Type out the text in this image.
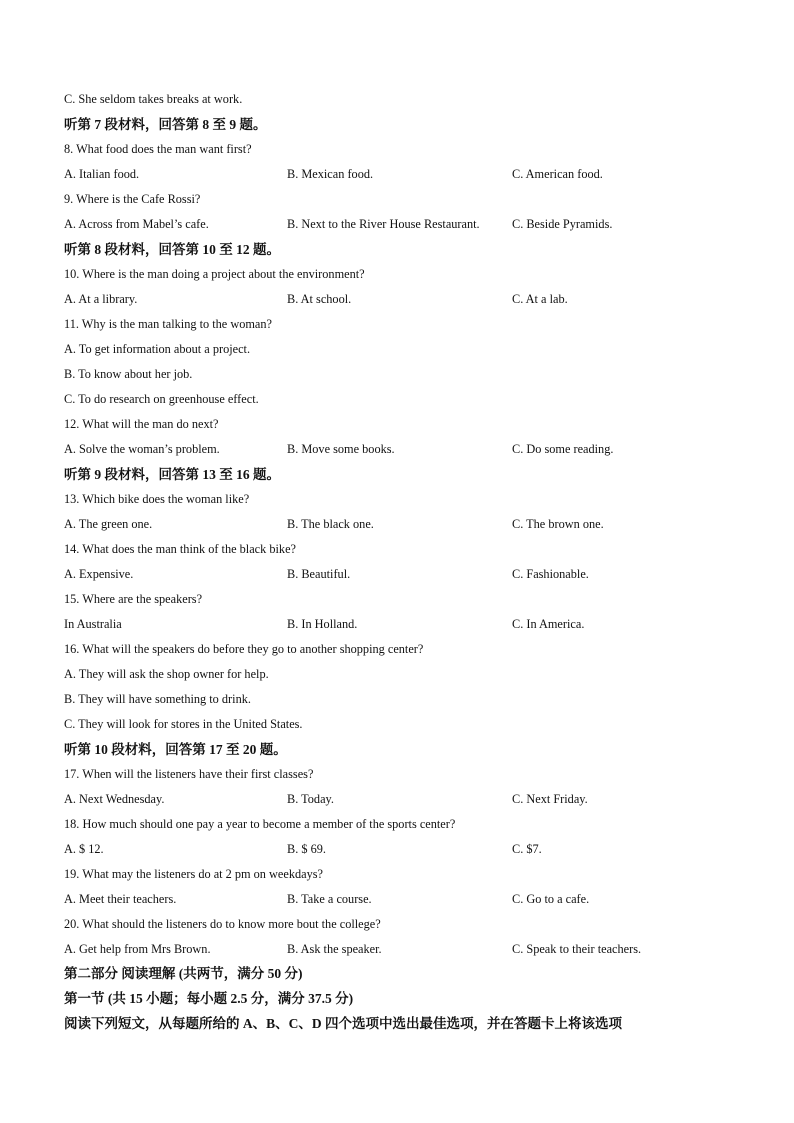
C. She seldom takes breaks at work.
听第 7 段材料，回答第 8 至 9 题。
8. What food does the man want first?
A. Italian food.	B. Mexican food.	C. American food.
9. Where is the Cafe Rossi?
A. Across from Mabel’s cafe.	B. Next to the River House Restaurant.	C. Beside Pyramids.
听第 8 段材料，回答第 10 至 12 题。
10. Where is the man doing a project about the environment?
A. At a library.	B. At school.	C. At a lab.
11. Why is the man talking to the woman?
A. To get information about a project.
B. To know about her job.
C. To do research on greenhouse effect.
12. What will the man do next?
A. Solve the woman’s problem.	B. Move some books.	C. Do some reading.
听第 9 段材料，回答第 13 至 16 题。
13. Which bike does the woman like?
A. The green one.	B. The black one.	C. The brown one.
14. What does the man think of the black bike?
A. Expensive.	B. Beautiful.	C. Fashionable.
15. Where are the speakers?
In Australia	B. In Holland.	C. In America.
16. What will the speakers do before they go to another shopping center?
A. They will ask the shop owner for help.
B. They will have something to drink.
C. They will look for stores in the United States.
听第 10 段材料，回答第 17 至 20 题。
17. When will the listeners have their first classes?
A. Next Wednesday.	B. Today.	C. Next Friday.
18. How much should one pay a year to become a member of the sports center?
A. $ 12.	B. $ 69.	C. $7.
19. What may the listeners do at 2 pm on weekdays?
A. Meet their teachers.	B. Take a course.	C. Go to a cafe.
20. What should the listeners do to know more bout the college?
A. Get help from Mrs Brown.	B. Ask the speaker.	C. Speak to their teachers.
第二部分 阅读理解 (共两节，满分 50 分)
第一节 (共 15 小题；每小题 2.5 分，满分 37.5 分)
阅读下列短文，从每题所给的 A、B、C、D 四个选项中选出最佳选项，并在答题卡上将该选项
